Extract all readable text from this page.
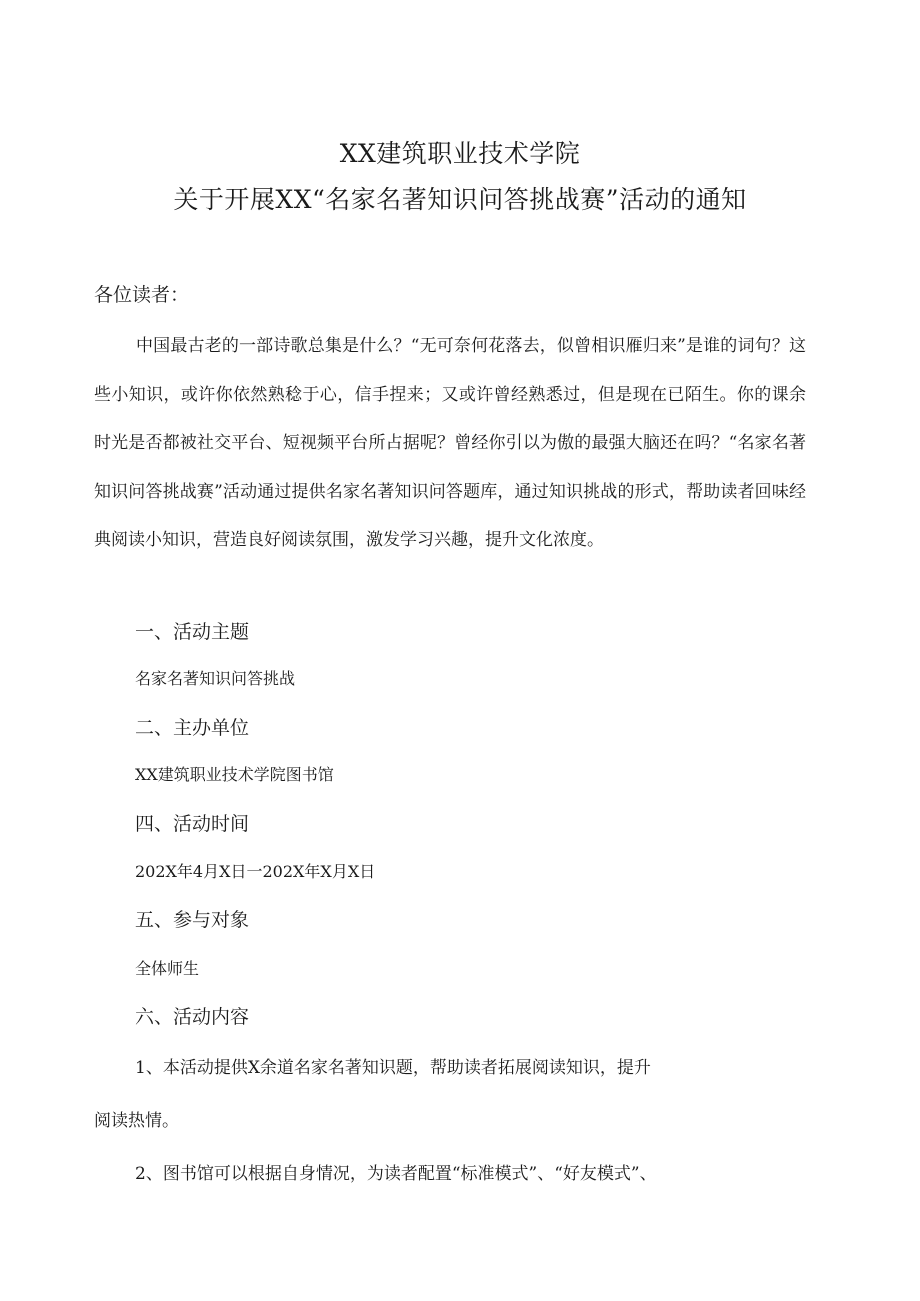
XX建筑职业技术学院
关于开展XX“名家名著知识问答挑战赛”活动的通知
各位读者：

中国最古老的一部诗歌总集是什么？“无可奈何花落去，似曾相识雁归来”是谁的词句？这些小知识，或许你依然熟稔于心，信手捏来；又或许曾经熟悉过，但是现在已陌生。你的课余时光是否都被社交平台、短视频平台所占据呢？曾经你引以为傲的最强大脑还在吗？“名家名著知识问答挑战赛”活动通过提供名家名著知识问答题库，通过知识挑战的形式，帮助读者回味经典阅读小知识，营造良好阅读氛围，激发学习兴趣，提升文化浓度。

一、活动主题
名家名著知识问答挑战
二、主办单位
XX建筑职业技术学院图书馆
四、活动时间
202X年4月X日一202X年X月X日
五、参与对象
全体师生
六、活动内容
1、本活动提供X余道名家名著知识题，帮助读者拓展阅读知识，提升
阅读热情。
2、图书馆可以根据自身情况，为读者配置“标准模式”、“好友模式”、
